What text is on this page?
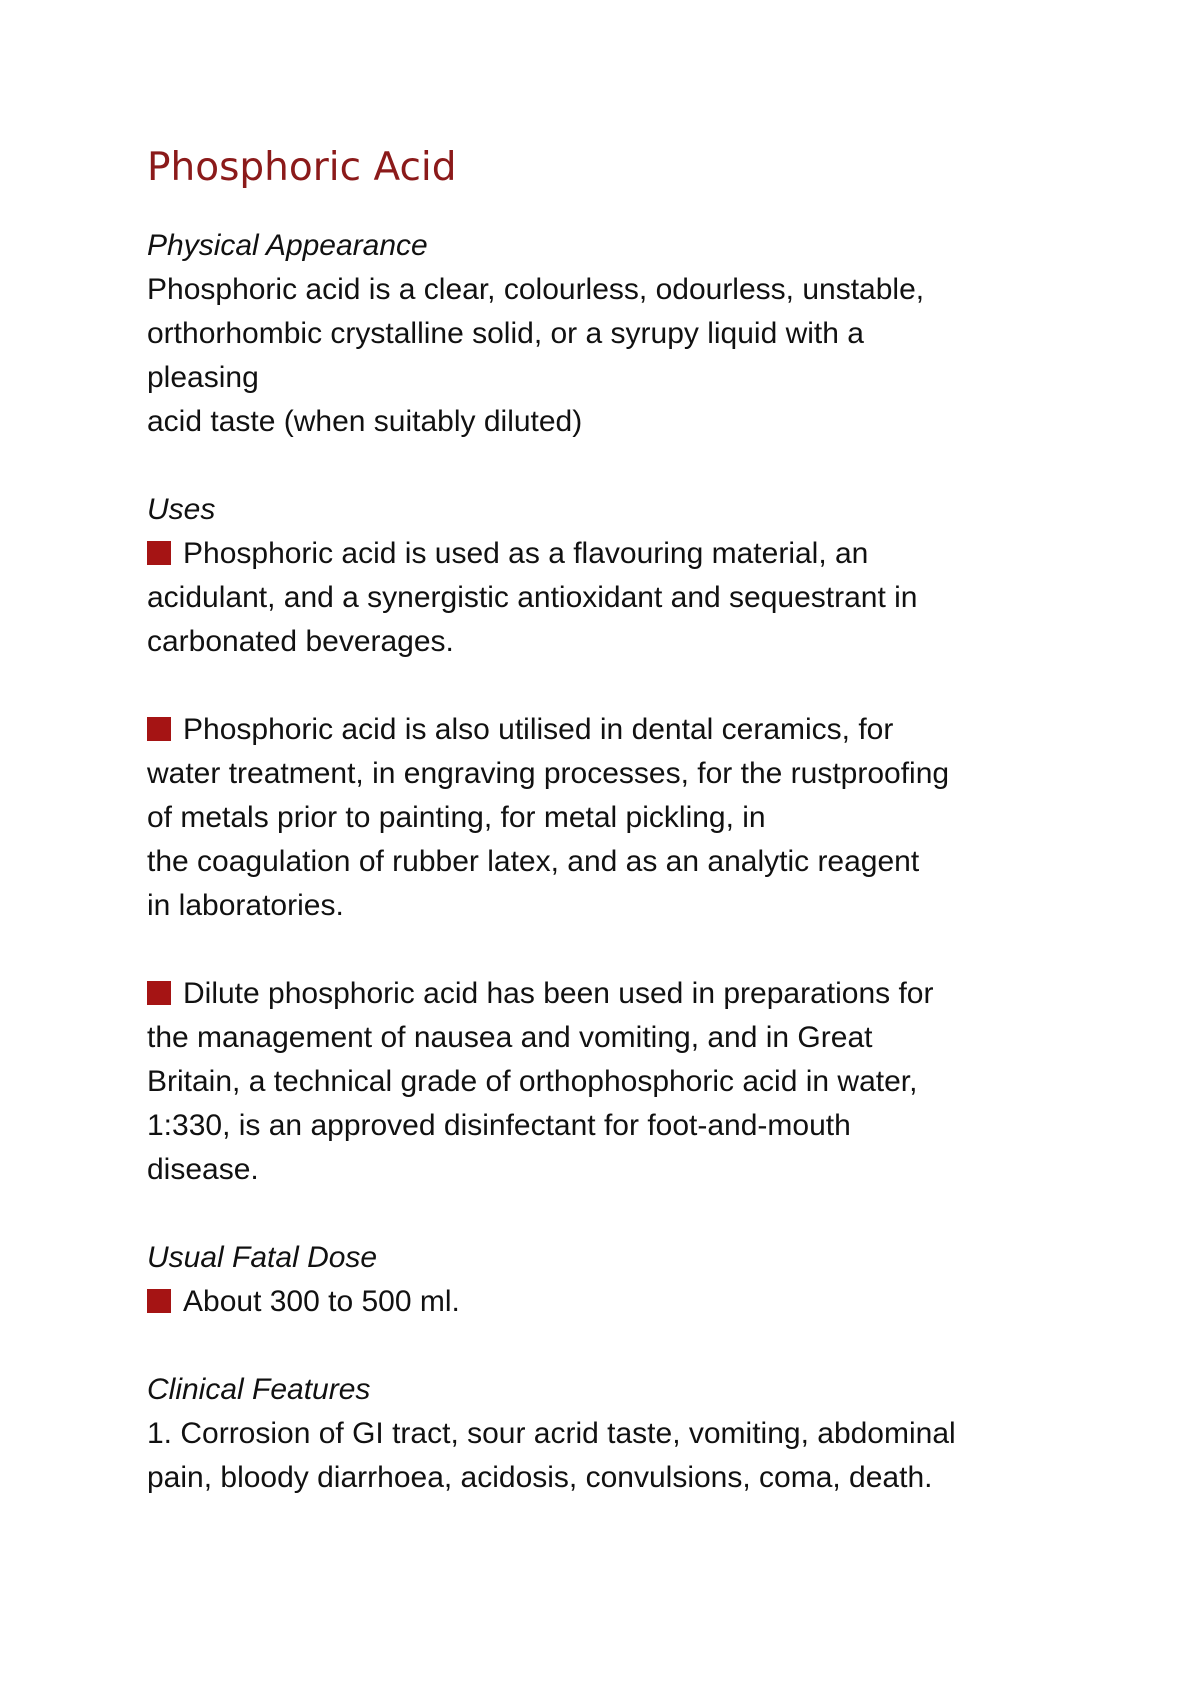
Phosphoric Acid

Physical Appearance

Phosphoric acid is a clear, colourless, odourless, unstable,

orthorhombic crystalline solid, or a syrupy liquid with a

pleasing

acid taste (when suitably diluted)

Uses

Phosphoric acid is used as a flavouring material, an

acidulant, and a synergistic antioxidant and sequestrant in

carbonated beverages.

Phosphoric acid is also utilised in dental ceramics, for

water treatment, in engraving processes, for the rustproofing

of metals prior to painting, for metal pickling, in

the coagulation of rubber latex, and as an analytic reagent

in laboratories.

Dilute phosphoric acid has been used in preparations for

the management of nausea and vomiting, and in Great

Britain, a technical grade of orthophosphoric acid in water,

1:330, is an approved disinfectant for foot-and-mouth

disease.

Usual Fatal Dose

About 300 to 500 ml.

Clinical Features

1. Corrosion of GI tract, sour acrid taste, vomiting, abdominal

pain, bloody diarrhoea, acidosis, convulsions, coma, death.
